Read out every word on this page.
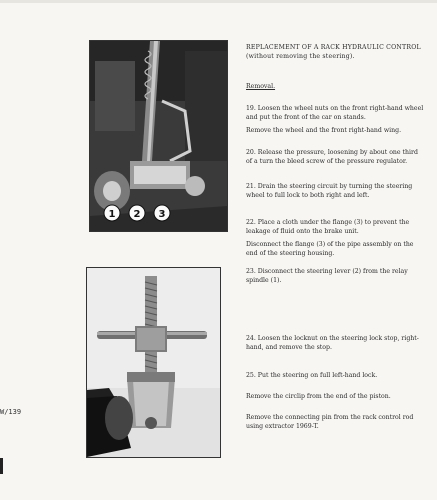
1 2 3
W/139

REPLACEMENT OF A RACK HYDRAULIC CONTROL (without removing the steering).

Removal.

19. Loosen the wheel nuts on the front right-hand wheel and put the front of the car on stands.

Remove the wheel and the front right-hand wing.

20. Release the pressure, loosening by about one third of a turn the bleed screw of the pressure regulator.

21. Drain the steering circuit by turning the steering wheel to full lock to both right and left.

22. Place a cloth under the flange (3) to prevent the leakage of fluid onto the brake unit.

Disconnect the flange (3) of the pipe assembly on the end of the steering housing.

23. Disconnect the steering lever (2) from the relay spindle (1).

24. Loosen the locknut on the steering lock stop, right-hand, and remove the stop.

25. Put the steering on full left-hand lock.

Remove the circlip from the end of the piston.

Remove the connecting pin from the rack control rod using extractor 1969-T.
